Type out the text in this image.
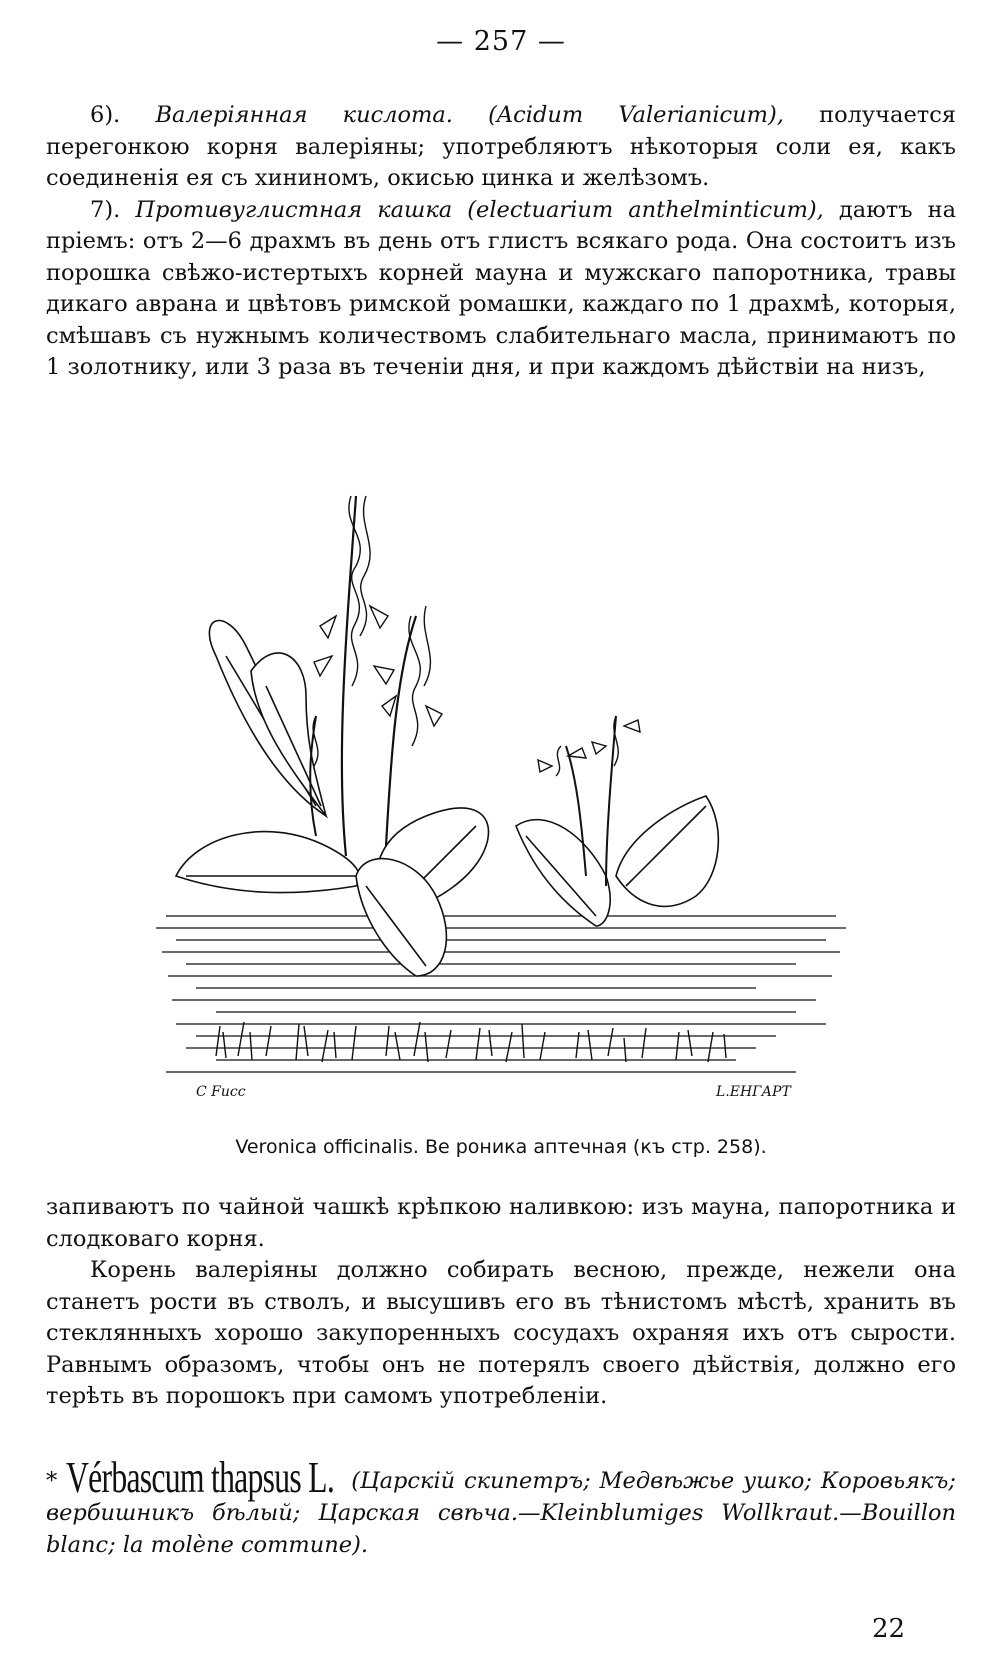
— 257 —

6). Валеріянная кислота. (Acidum Valerianicum), получается перегонкою корня валеріяны; употребляютъ нѣкоторыя соли ея, какъ соединенія ея съ хининомъ, окисью цинка и желѣзомъ.

7). Противуглистная кашка (electuarium anthelminticum), даютъ на пріемъ: отъ 2—6 драхмъ въ день отъ глистъ всякаго рода. Она состоитъ изъ порошка свѣжо-истертыхъ корней мауна и мужскаго папоротника, травы дикаго аврана и цвѣтовъ римской ромашки, каждаго по 1 драхмѣ, которыя, смѣшавъ съ нужнымъ количествомъ слабительнаго масла, принимаютъ по 1 золотнику, или 3 раза въ теченіи дня, и при каждомъ дѣйствіи на низъ,

С Fисс	L.ЕНГАРТ
Veronica officinalis. Ве роника аптечная (къ стр. 258).

запиваютъ по чайной чашкѣ крѣпкою наливкою: изъ мауна, папоротника и слодковаго корня.

Корень валеріяны должно собирать весною, прежде, нежели она станетъ рости въ стволъ, и высушивъ его въ тѣнистомъ мѣстѣ, хранить въ стеклянныхъ хорошо закупоренныхъ сосудахъ охраняя ихъ отъ сырости. Равнымъ образомъ, чтобы онъ не потерялъ своего дѣйствія, должно его терѣть въ порошокъ при самомъ употребленіи.

* Vérbascum thapsus L. (Царскій скипетръ; Медвѣжье ушко; Коровьякъ; вербишникъ бѣлый; Царская свѣча.—Kleinblumiges Wollkraut.—Bouillon blanc; la molène commune).
22
